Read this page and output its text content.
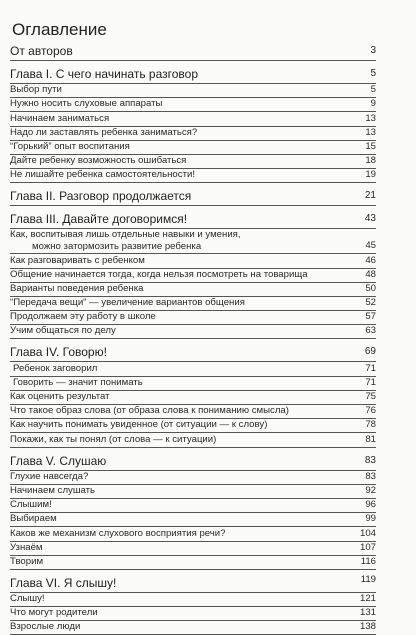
Оглавление
От авторов	3
Глава I. С чего начинать разговор	5
Выбор пути	5
Нужно носить слуховые аппараты	9
Начинаем заниматься	13
Надо ли заставлять ребенка заниматься?	13
“Горький” опыт воспитания	15
Дайте ребенку возможность ошибаться	18
Не лишайте ребенка самостоятельности!	19
Глава II. Разговор продолжается	21
Глава III. Давайте договоримся!	43
Как, воспитывая лишь отдельные навыки и умения,
можно затормозить развитие ребенка	45
Как разговаривать с ребенком	46
Общение начинается тогда, когда нельзя посмотреть на товарища	48
Варианты поведения ребенка	50
“Передача вещи” — увеличение вариантов общения	52
Продолжаем эту работу в школе	57
Учим общаться по делу	63
Глава IV. Говорю!	69
Ребенок заговорил	71
Говорить — значит понимать	71
Как оценить результат	75
Что такое образ слова (от образа слова к пониманию смысла)	76
Как научить понимать увиденное (от ситуации — к слову)	78
Покажи, как ты понял (от слова — к ситуации)	81
Глава V. Слушаю	83
Глухие навсегда?	83
Начинаем слушать	92
Слышим!	96
Выбираем	99
Каков же механизм слухового восприятия речи?	104
Узнаём	107
Творим	116
Глава VI. Я слышу!	119
Слышу!	121
Что могут родители	131
Взрослые люди	138
